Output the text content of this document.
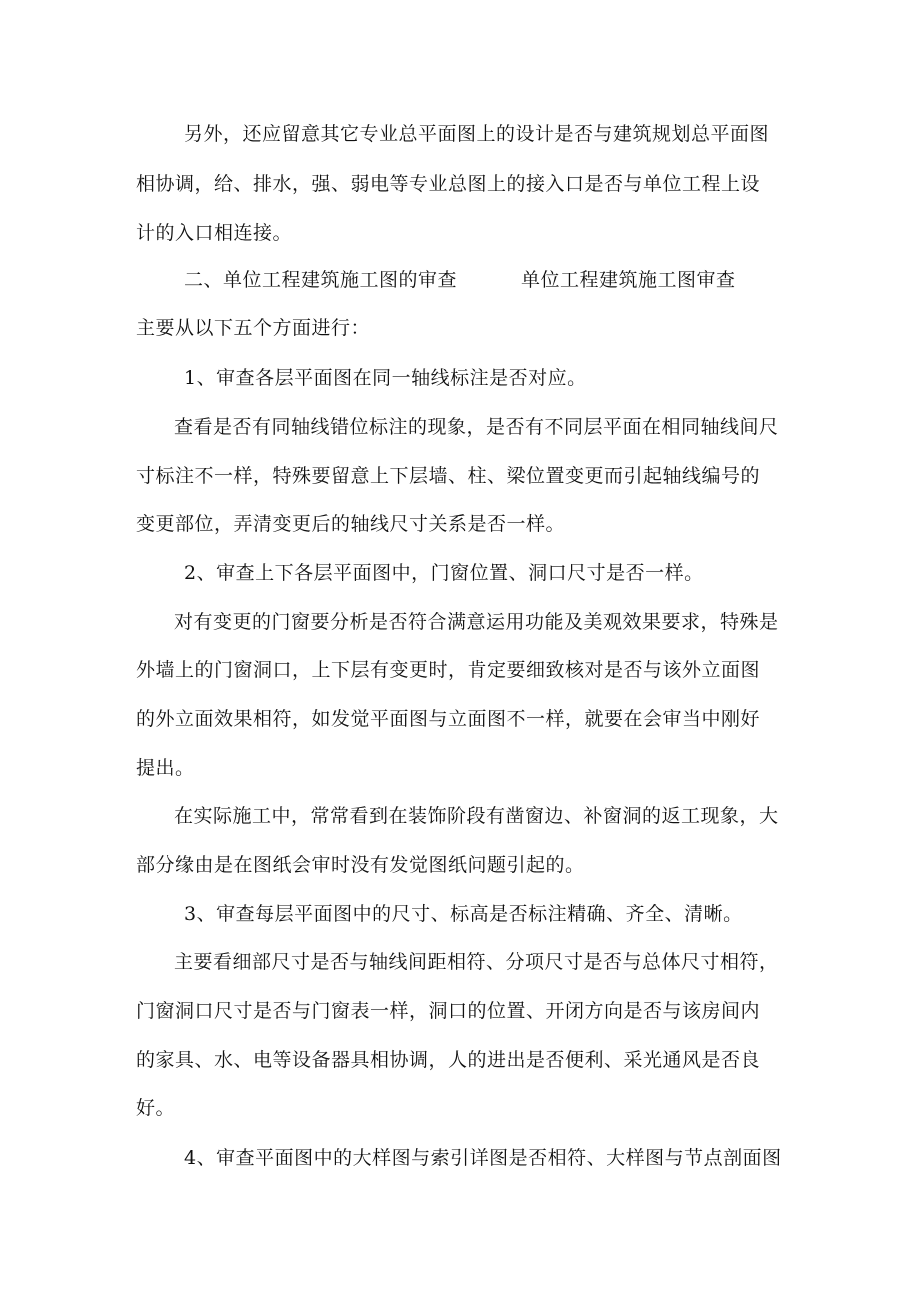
另外，还应留意其它专业总平面图上的设计是否与建筑规划总平面图
相协调，给、排水，强、弱电等专业总图上的接入口是否与单位工程上设
计的入口相连接。
二、单位工程建筑施工图的审查	单位工程建筑施工图审查
主要从以下五个方面进行：
1、审查各层平面图在同一轴线标注是否对应。
查看是否有同轴线错位标注的现象，是否有不同层平面在相同轴线间尺
寸标注不一样，特殊要留意上下层墙、柱、梁位置变更而引起轴线编号的
变更部位，弄清变更后的轴线尺寸关系是否一样。
2、审查上下各层平面图中，门窗位置、洞口尺寸是否一样。
对有变更的门窗要分析是否符合满意运用功能及美观效果要求，特殊是
外墙上的门窗洞口，上下层有变更时，肯定要细致核对是否与该外立面图
的外立面效果相符，如发觉平面图与立面图不一样，就要在会审当中刚好
提出。
在实际施工中，常常看到在装饰阶段有凿窗边、补窗洞的返工现象，大
部分缘由是在图纸会审时没有发觉图纸问题引起的。
3、审查每层平面图中的尺寸、标高是否标注精确、齐全、清晰。
主要看细部尺寸是否与轴线间距相符、分项尺寸是否与总体尺寸相符，
门窗洞口尺寸是否与门窗表一样，洞口的位置、开闭方向是否与该房间内
的家具、水、电等设备器具相协调，人的进出是否便利、采光通风是否良
好。
4、审查平面图中的大样图与索引详图是否相符、大样图与节点剖面图
